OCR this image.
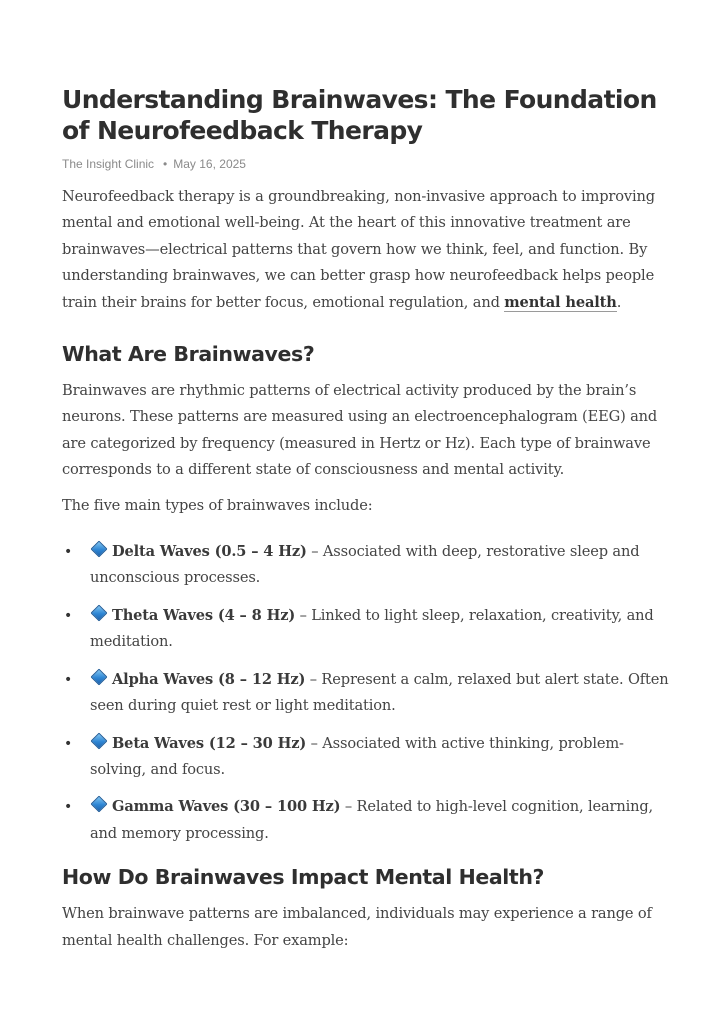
Understanding Brainwaves: The Foundation of Neurofeedback Therapy
The Insight Clinic • May 16, 2025

Neurofeedback therapy is a groundbreaking, non-invasive approach to improving mental and emotional well-being. At the heart of this innovative treatment are brainwaves—electrical patterns that govern how we think, feel, and function. By understanding brainwaves, we can better grasp how neurofeedback helps people train their brains for better focus, emotional regulation, and mental health.

What Are Brainwaves?

Brainwaves are rhythmic patterns of electrical activity produced by the brain’s neurons. These patterns are measured using an electroencephalogram (EEG) and are categorized by frequency (measured in Hertz or Hz). Each type of brainwave corresponds to a different state of consciousness and mental activity.

The five main types of brainwaves include:

•	Delta Waves (0.5 – 4 Hz) – Associated with deep, restorative sleep and unconscious processes.

•	Theta Waves (4 – 8 Hz) – Linked to light sleep, relaxation, creativity, and meditation.

•	Alpha Waves (8 – 12 Hz) – Represent a calm, relaxed but alert state. Often seen during quiet rest or light meditation.

•	Beta Waves (12 – 30 Hz) – Associated with active thinking, problem-solving, and focus.

•	Gamma Waves (30 – 100 Hz) – Related to high-level cognition, learning, and memory processing.

How Do Brainwaves Impact Mental Health?

When brainwave patterns are imbalanced, individuals may experience a range of mental health challenges. For example:
